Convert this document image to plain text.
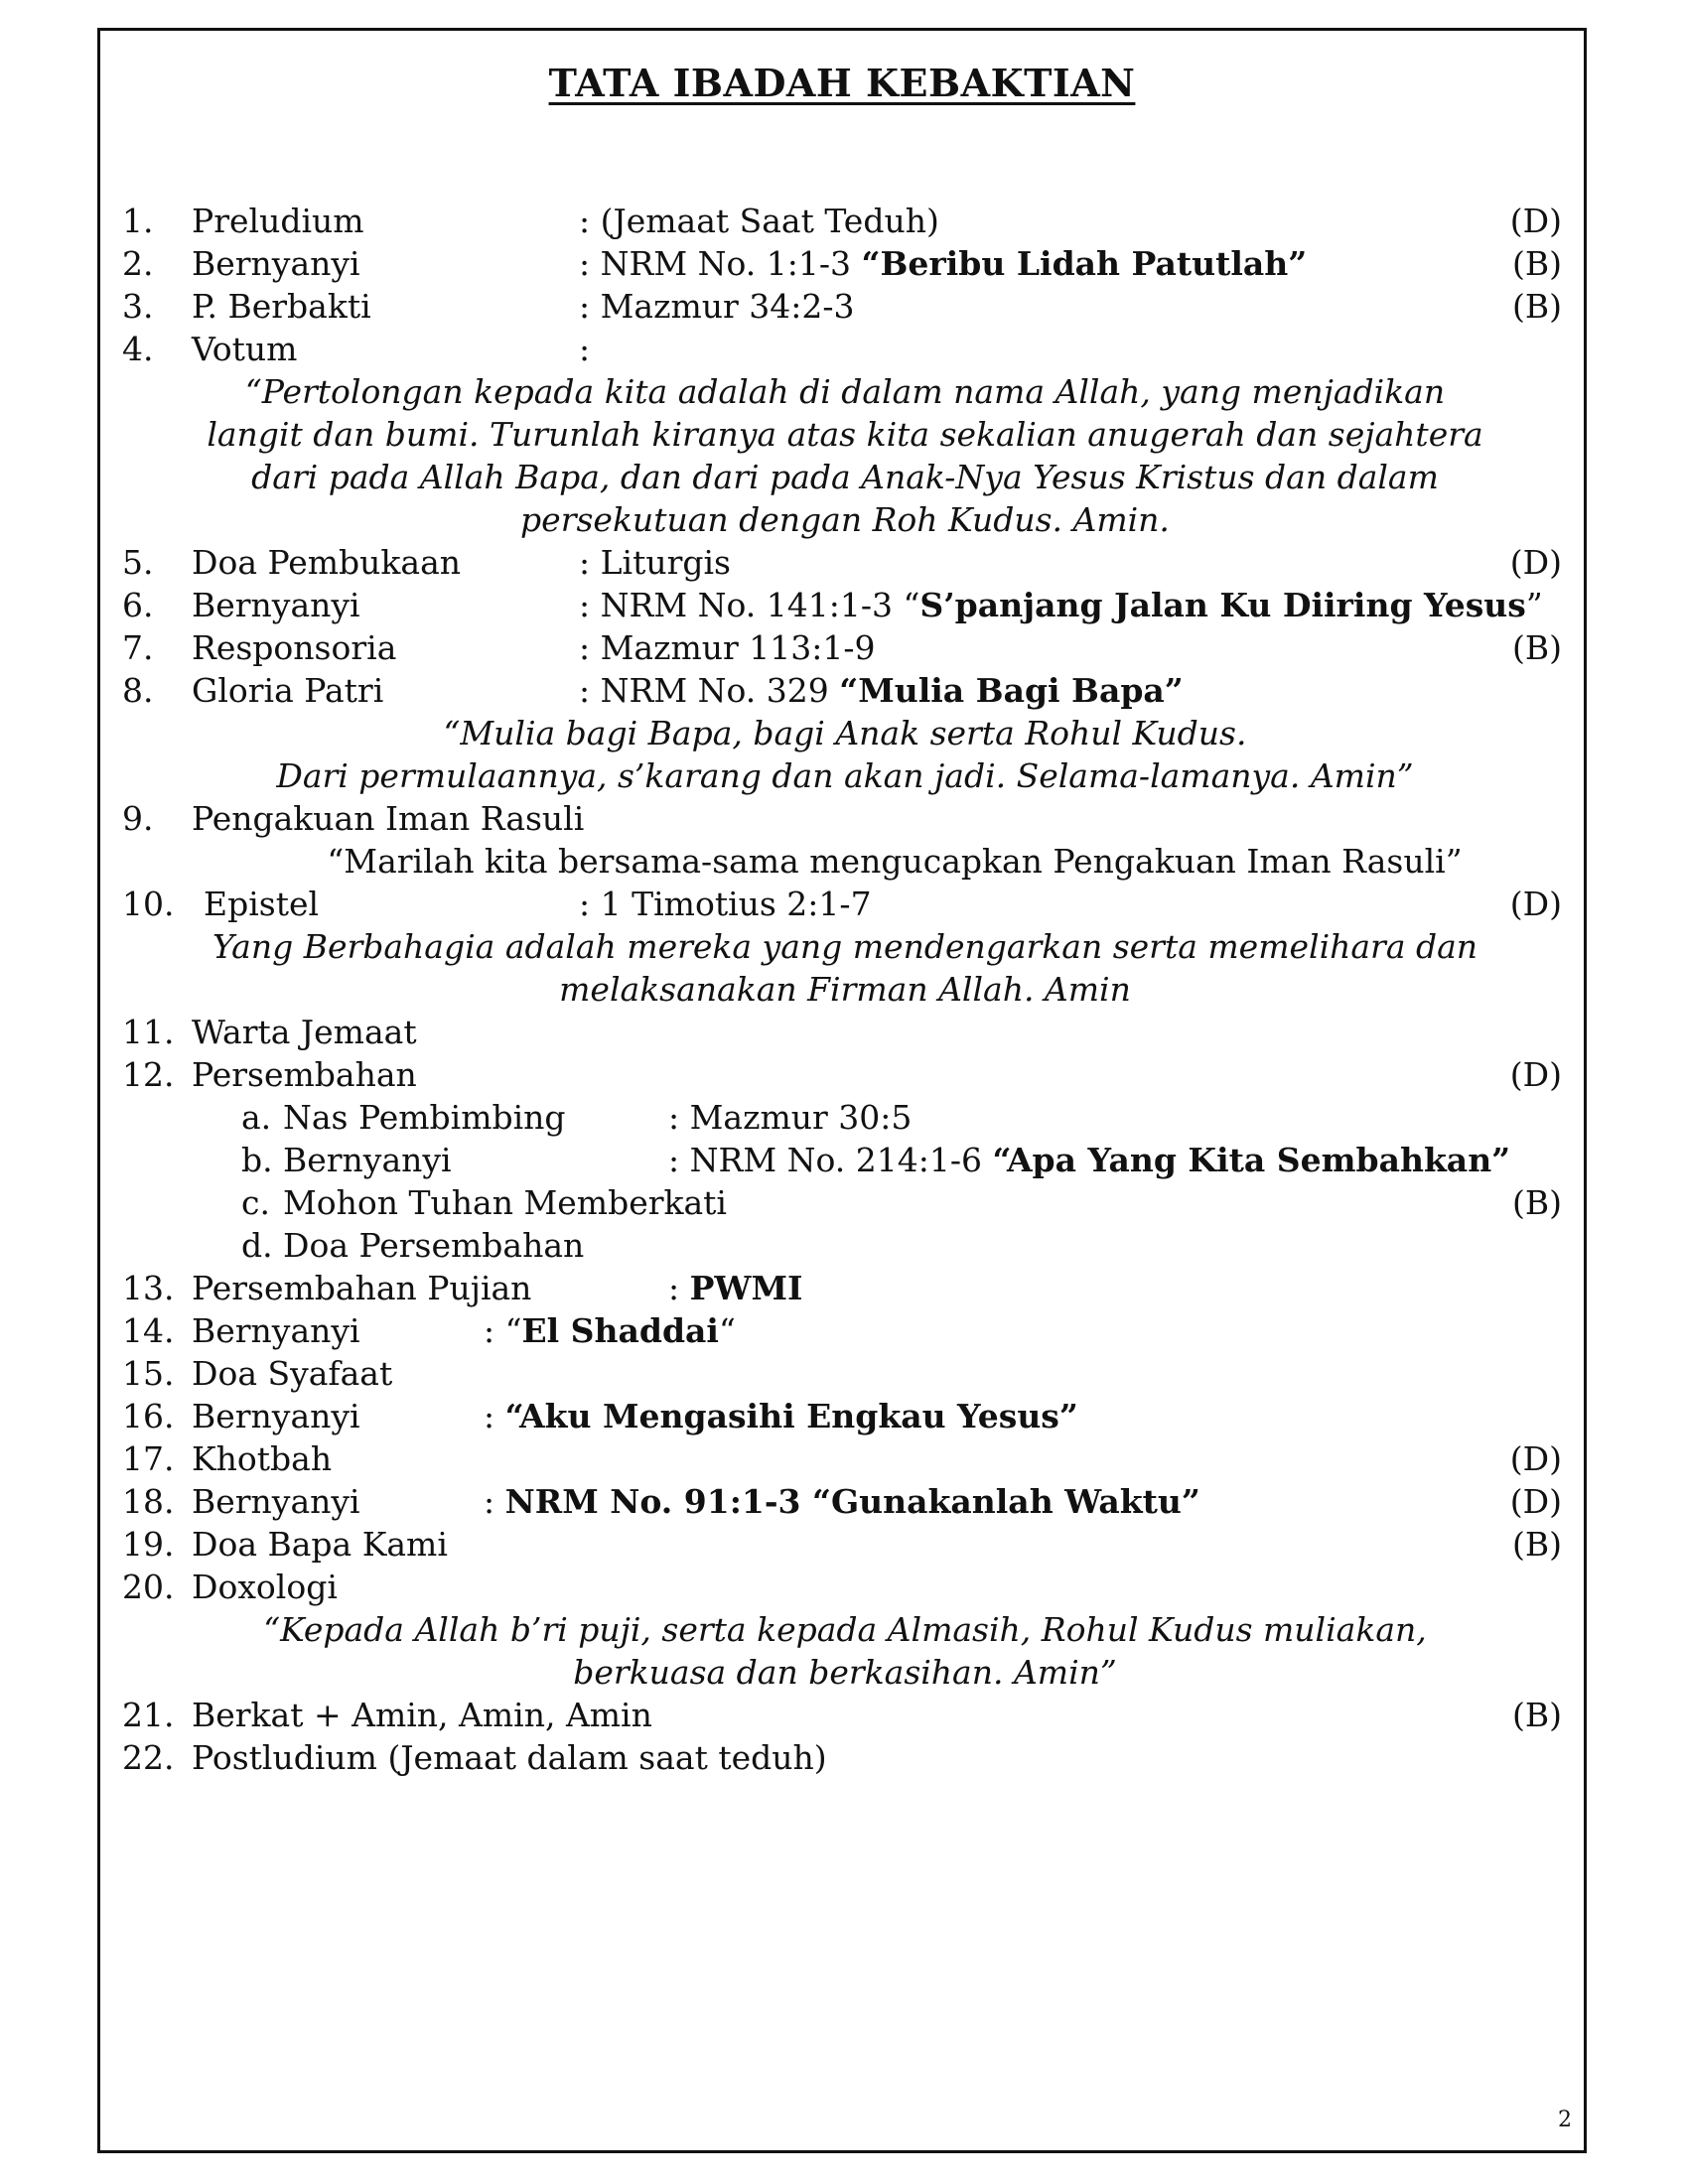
TATA IBADAH KEBAKTIAN
1. Preludium	: (Jemaat Saat Teduh)	(D)
2. Bernyanyi	: NRM No. 1:1-3 “Beribu Lidah Patutlah”	(B)
3. P. Berbakti	: Mazmur 34:2-3	(B)
4. Votum	:
“Pertolongan kepada kita adalah di dalam nama Allah, yang menjadikan
langit dan bumi. Turunlah kiranya atas kita sekalian anugerah dan sejahtera
dari pada Allah Bapa, dan dari pada Anak-Nya Yesus Kristus dan dalam
persekutuan dengan Roh Kudus. Amin.
5. Doa Pembukaan	: Liturgis	(D)
6. Bernyanyi	: NRM No. 141:1-3 “S’panjang Jalan Ku Diiring Yesus”
7. Responsoria	: Mazmur 113:1-9	(B)
8. Gloria Patri	: NRM No. 329 “Mulia Bagi Bapa”
“Mulia bagi Bapa, bagi Anak serta Rohul Kudus.
Dari permulaannya, s’karang dan akan jadi. Selama-lamanya. Amin”
9. Pengakuan Iman Rasuli
“Marilah kita bersama-sama mengucapkan Pengakuan Iman Rasuli”
10. Epistel	: 1 Timotius 2:1-7	(D)
Yang Berbahagia adalah mereka yang mendengarkan serta memelihara dan
melaksanakan Firman Allah. Amin
11. Warta Jemaat
12. Persembahan	(D)
a. Nas Pembimbing	: Mazmur 30:5
b. Bernyanyi	: NRM No. 214:1-6 “Apa Yang Kita Sembahkan”
c. Mohon Tuhan Memberkati	(B)
d. Doa Persembahan
13. Persembahan Pujian	: PWMI
14. Bernyanyi	: “El Shaddai“
15. Doa Syafaat
16. Bernyanyi	: “Aku Mengasihi Engkau Yesus”
17. Khotbah	(D)
18. Bernyanyi	: NRM No. 91:1-3 “Gunakanlah Waktu”	(D)
19. Doa Bapa Kami	(B)
20. Doxologi
“Kepada Allah b’ri puji, serta kepada Almasih, Rohul Kudus muliakan,
berkuasa dan berkasihan. Amin”
21. Berkat + Amin, Amin, Amin	(B)
22. Postludium (Jemaat dalam saat teduh)
2
